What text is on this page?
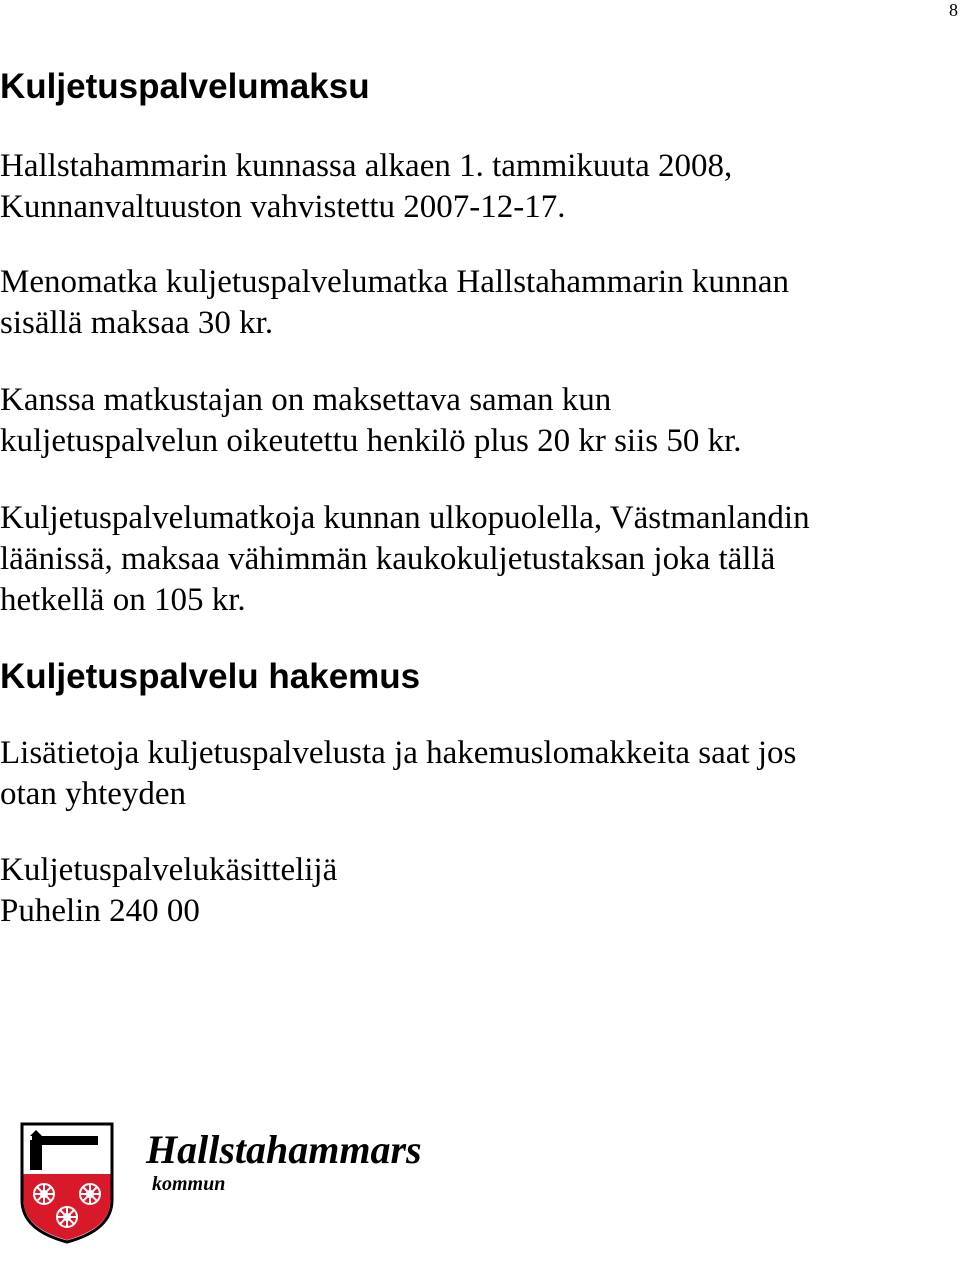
8
Kuljetuspalvelumaksu

Hallstahammarin kunnassa alkaen 1. tammikuuta 2008,
Kunnanvaltuuston vahvistettu 2007-12-17.

Menomatka kuljetuspalvelumatka Hallstahammarin kunnan
sisällä maksaa 30 kr.

Kanssa matkustajan on maksettava saman kun
kuljetuspalvelun oikeutettu henkilö plus 20 kr siis 50 kr.

Kuljetuspalvelumatkoja kunnan ulkopuolella, Västmanlandin
läänissä, maksaa vähimmän kaukokuljetustaksan joka tällä
hetkellä on 105 kr.

Kuljetuspalvelu hakemus

Lisätietoja kuljetuspalvelusta ja hakemuslomakkeita saat jos
otan yhteyden

Kuljetuspalvelukäsittelijä
Puhelin 240 00

Hallstahammars
kommun
